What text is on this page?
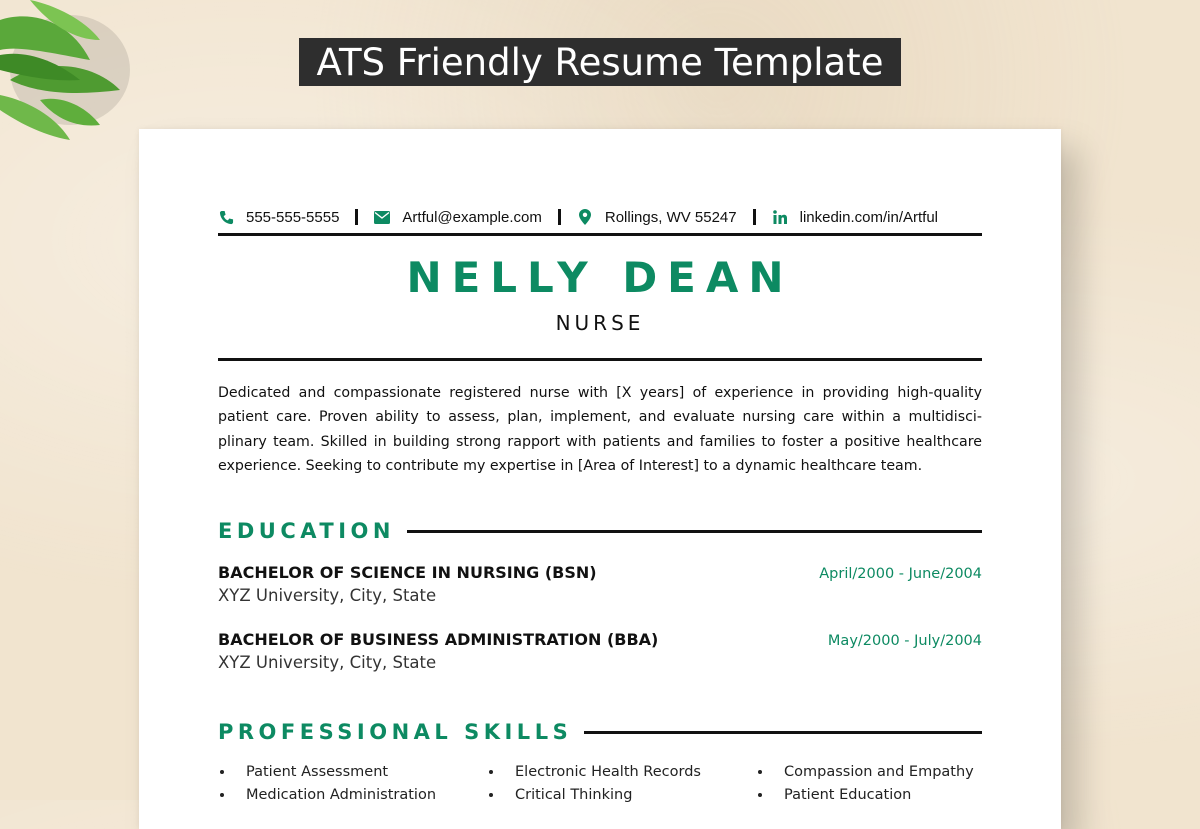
ATS Friendly Resume Template
555-555-5555	Artful@example.com	Rollings, WV 55247	linkedin.com/in/Artful
NELLY DEAN
NURSE
Dedicated and compassionate registered nurse with [X years] of experience in providing high-quality patient care. Proven ability to assess, plan, implement, and evaluate nursing care within a multidisci-plinary team. Skilled in building strong rapport with patients and families to foster a positive healthcare experience. Seeking to contribute my expertise in [Area of Interest] to a dynamic healthcare team.
EDUCATION
BACHELOR OF SCIENCE IN NURSING (BSN)	April/2000 - June/2004
XYZ University, City, State
BACHELOR OF BUSINESS ADMINISTRATION (BBA)	May/2000 - July/2004
XYZ University, City, State
PROFESSIONAL SKILLS
Patient Assessment	Electronic Health Records	Compassion and Empathy
Medication Administration	Critical Thinking	Patient Education
